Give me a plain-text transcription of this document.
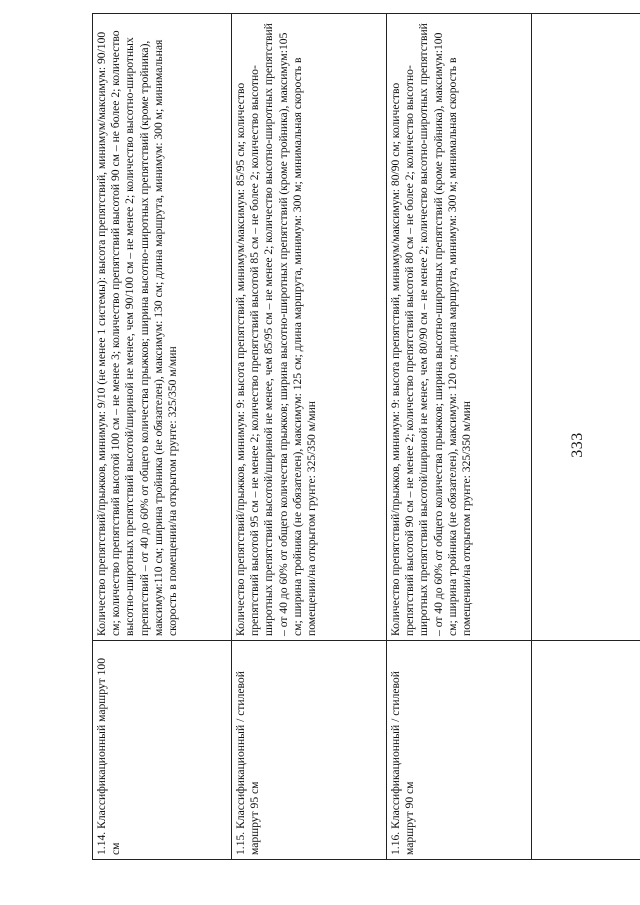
333
1.14. Классификационный маршрут 100 см	Количество препятствий/прыжков, минимум: 9/10 (не менее 1 системы): высота препятствий, минимум/максимум: 90/100 см; количество препятствий высотой 100 см – не менее 3; количество препятствий высотой 90 см – не более 2; количество высотно-широтных препятствий высотой/шириной не менее, чем 90/100 см – не менее 2; количество высотно-широтных препятствий – от 40 до 60% от общего количества прыжков; ширина высотно-широтных препятствий (кроме тройника), максимум:110 см; ширина тройника (не обязателен), максимум: 130 см; длина маршрута, минимум: 300 м; минимальная скорость в помещении/на открытом грунте: 325/350 м/мин
1.15. Классификационный / стилевой маршрут 95 см	Количество препятствий/прыжков, минимум: 9: высота препятствий, минимум/максимум: 85/95 см; количество препятствий высотой 95 см – не менее 2; количество препятствий высотой 85 см – не более 2; количество высотно-широтных препятствий высотой/шириной не менее, чем 85/95 см – не менее 2; количество высотно-широтных препятствий – от 40 до 60% от общего количества прыжков; ширина высотно-широтных препятствий (кроме тройника), максимум:105 см; ширина тройника (не обязателен), максимум: 125 см; длина маршрута, минимум: 300 м; минимальная скорость в помещении/на открытом грунте: 325/350 м/мин
1.16. Классификационный / стилевой маршрут 90 см	Количество препятствий/прыжков, минимум: 9: высота препятствий, минимум/максимум: 80/90 см; количество препятствий высотой 90 см – не менее 2; количество препятствий высотой 80 см – не более 2; количество высотно-широтных препятствий высотой/шириной не менее, чем 80/90 см – не менее 2; количество высотно-широтных препятствий – от 40 до 60% от общего количества прыжков; ширина высотно-широтных препятствий (кроме тройника), максимум:100 см; ширина тройника (не обязателен), максимум: 120 см; длина маршрута, минимум: 300 м; минимальная скорость в помещении/на открытом грунте: 325/350 м/мин
